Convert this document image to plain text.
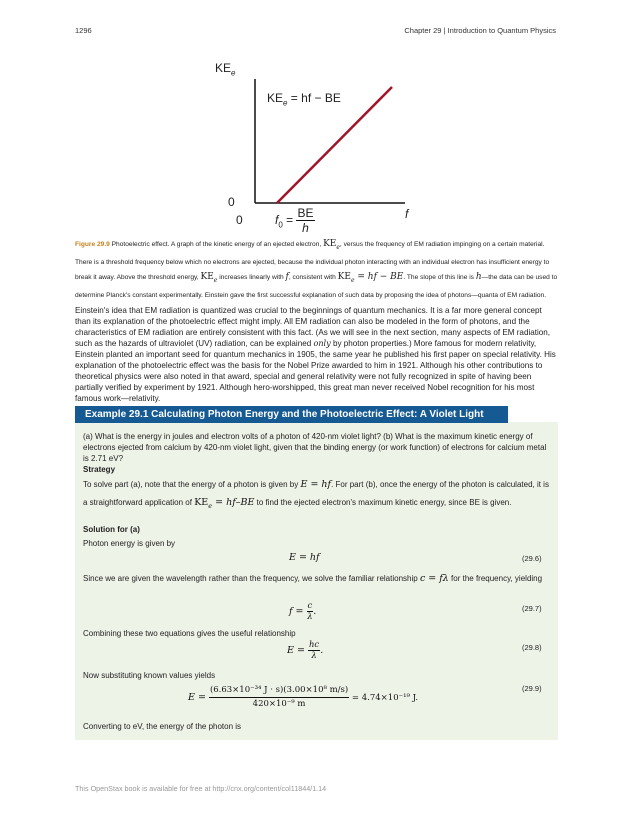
1296	Chapter 29 | Introduction to Quantum Physics
$KE_e$
$KE_e$ = hf − BE
0
0	f
$f_0 = \frac{BE}{h}$
Figure 29.9 Photoelectric effect. A graph of the kinetic energy of an ejected electron, $KE_e$, versus the frequency of EM radiation impinging on a certain material. There is a threshold frequency below which no electrons are ejected, because the individual photon interacting with an individual electron has insufficient energy to break it away. Above the threshold energy, $KE_e$ increases linearly with f, consistent with $KE_e$ = hf − BE. The slope of this line is h—the data can be used to determine Planck's constant experimentally. Einstein gave the first successful explanation of such data by proposing the idea of photons—quanta of EM radiation.
Einstein's idea that EM radiation is quantized was crucial to the beginnings of quantum mechanics. It is a far more general concept than its explanation of the photoelectric effect might imply. All EM radiation can also be modeled in the form of photons, and the characteristics of EM radiation are entirely consistent with this fact. (As we will see in the next section, many aspects of EM radiation, such as the hazards of ultraviolet (UV) radiation, can be explained only by photon properties.) More famous for modern relativity, Einstein planted an important seed for quantum mechanics in 1905, the same year he published his first paper on special relativity. His explanation of the photoelectric effect was the basis for the Nobel Prize awarded to him in 1921. Although his other contributions to theoretical physics were also noted in that award, special and general relativity were not fully recognized in spite of having been partially verified by experiment by 1921. Although hero-worshipped, this great man never received Nobel recognition for his most famous work—relativity.
Example 29.1 Calculating Photon Energy and the Photoelectric Effect: A Violet Light
(a) What is the energy in joules and electron volts of a photon of 420-nm violet light? (b) What is the maximum kinetic energy of electrons ejected from calcium by 420-nm violet light, given that the binding energy (or work function) of electrons for calcium metal is 2.71 eV?
Strategy
To solve part (a), note that the energy of a photon is given by E = hf. For part (b), once the energy of the photon is calculated, it is a straightforward application of $KE_e = hf-BE$ to find the ejected electron's maximum kinetic energy, since BE is given.
Solution for (a)
Photon energy is given by
E = hf	(29.6)
Since we are given the wavelength rather than the frequency, we solve the familiar relationship c = fλ for the frequency, yielding
$f = \frac{c}{\lambda}$ .	(29.7)
Combining these two equations gives the useful relationship
$E = \frac{hc}{\lambda}$ .	(29.8)
Now substituting known values yields
$E = \frac{\text{(6.63×10⁻³⁴ J · s)(3.00×10⁸ m/s)}}{\text{420×10⁻⁹ m}} = 4.74\times 10^{-19}$ J.
(29.9)
Converting to eV, the energy of the photon is
This OpenStax book is available for free at http://cnx.org/content/col11844/1.14
